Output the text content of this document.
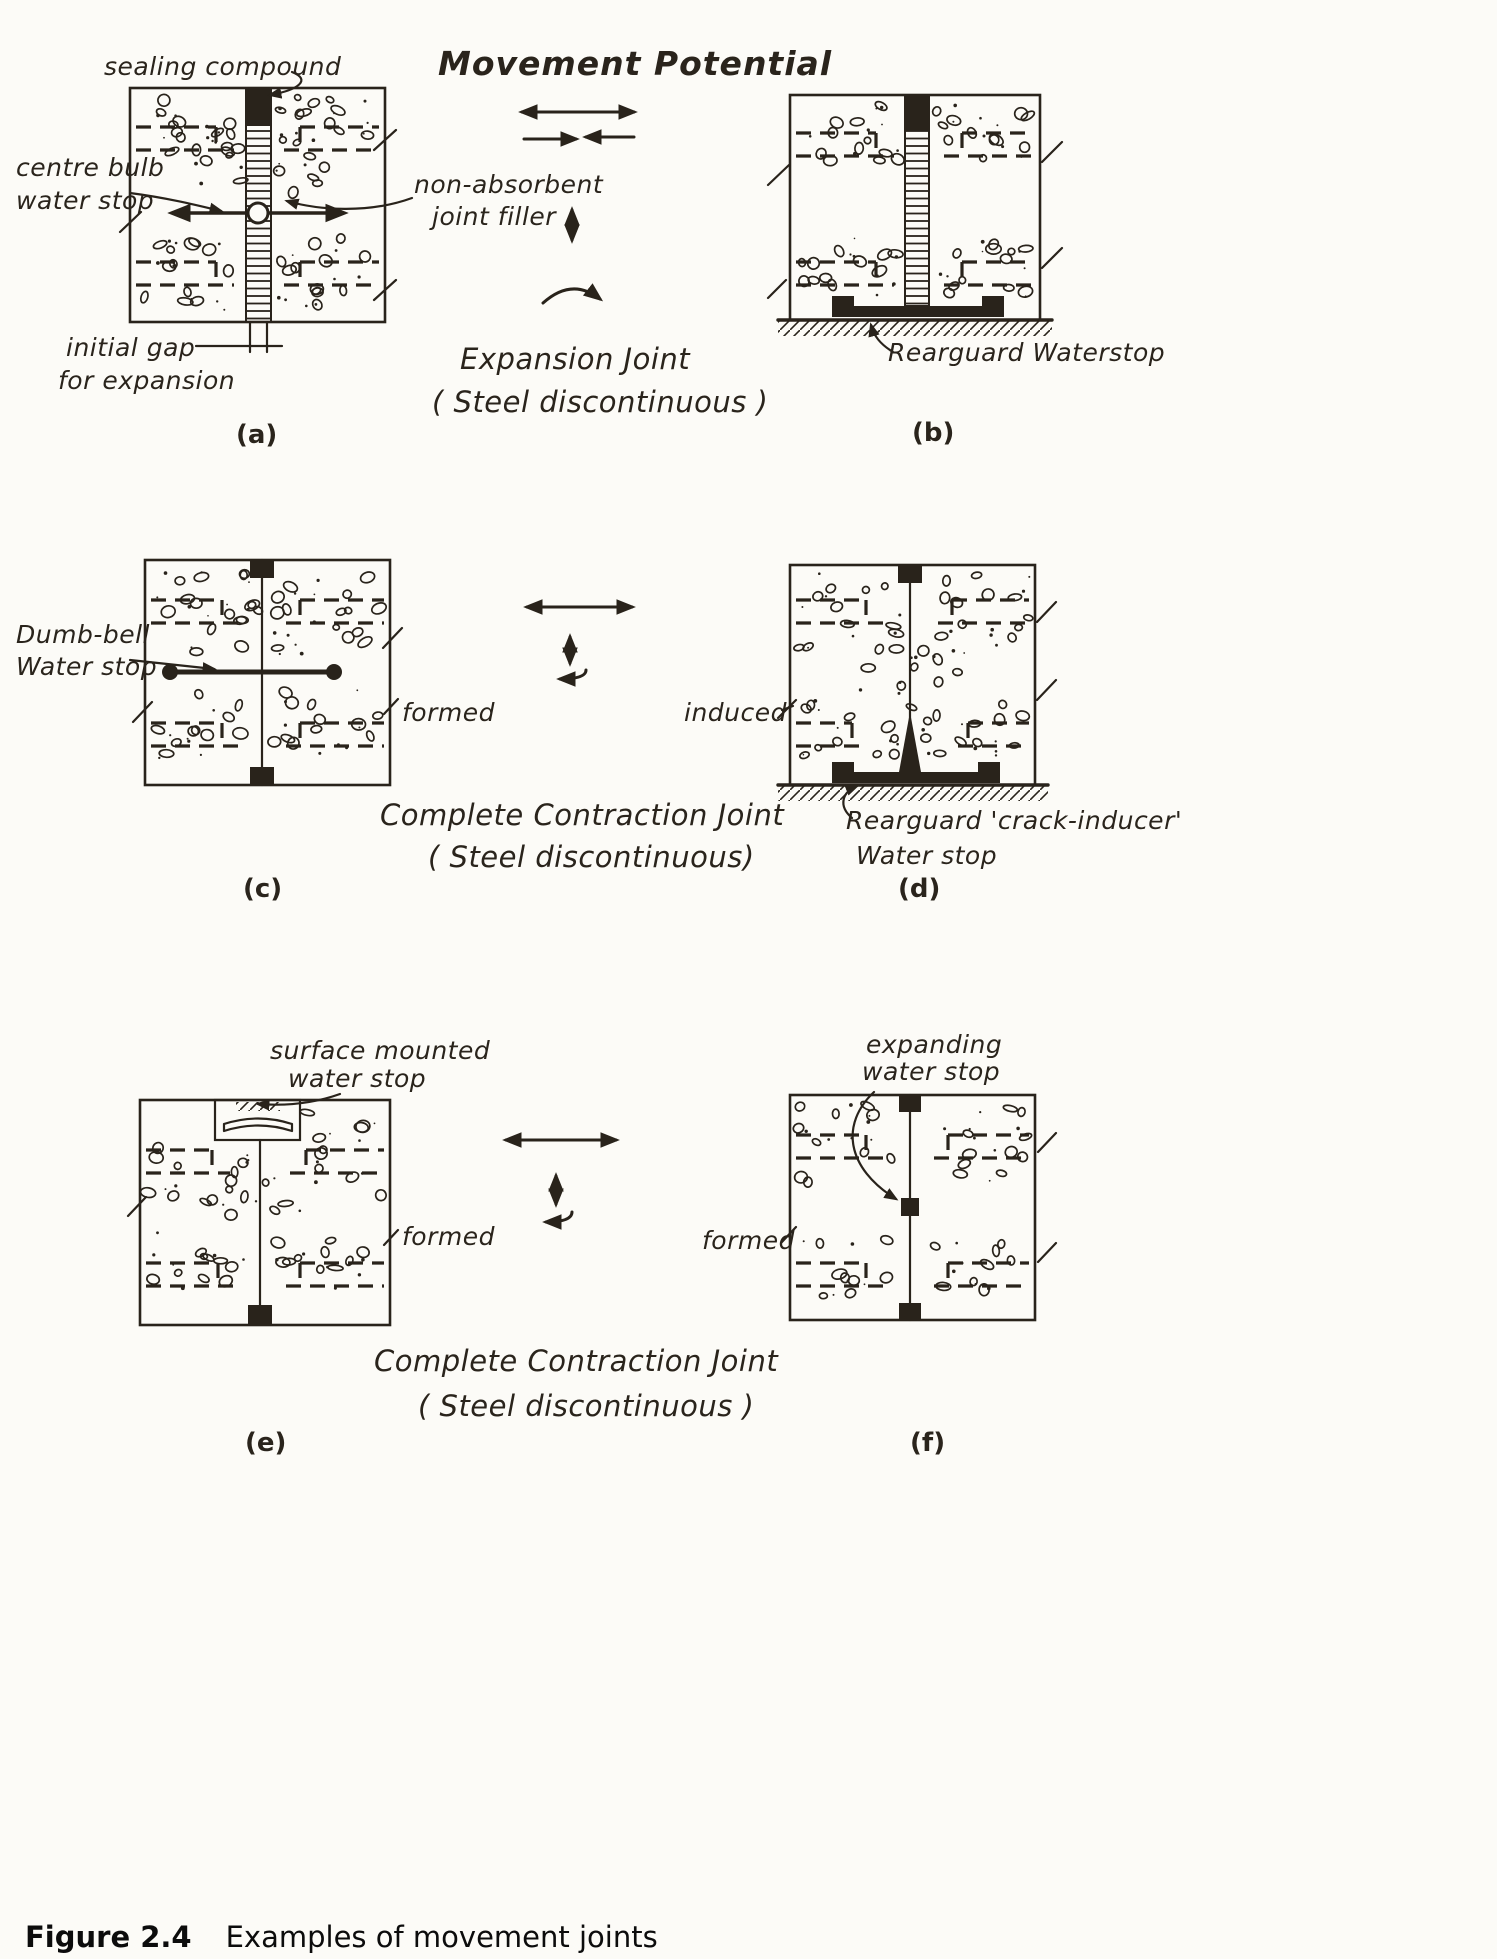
sealing compound	Movement Potential
centre bulb
water stop
non-absorbent
joint filler
initial gap
for expansion
Expansion Joint
( Steel discontinuous )
(a)
Rearguard Waterstop
(b)
Dumb-bell
Water stop
formed	induced
Complete Contraction Joint
( Steel discontinuous)
(c)
Rearguard 'crack-inducer'
Water stop
(d)
surface mounted
water stop
expanding
water stop
formed	formed
Complete Contraction Joint
( Steel discontinuous )
(e)	(f)
Figure 2.4 Examples of movement joints
